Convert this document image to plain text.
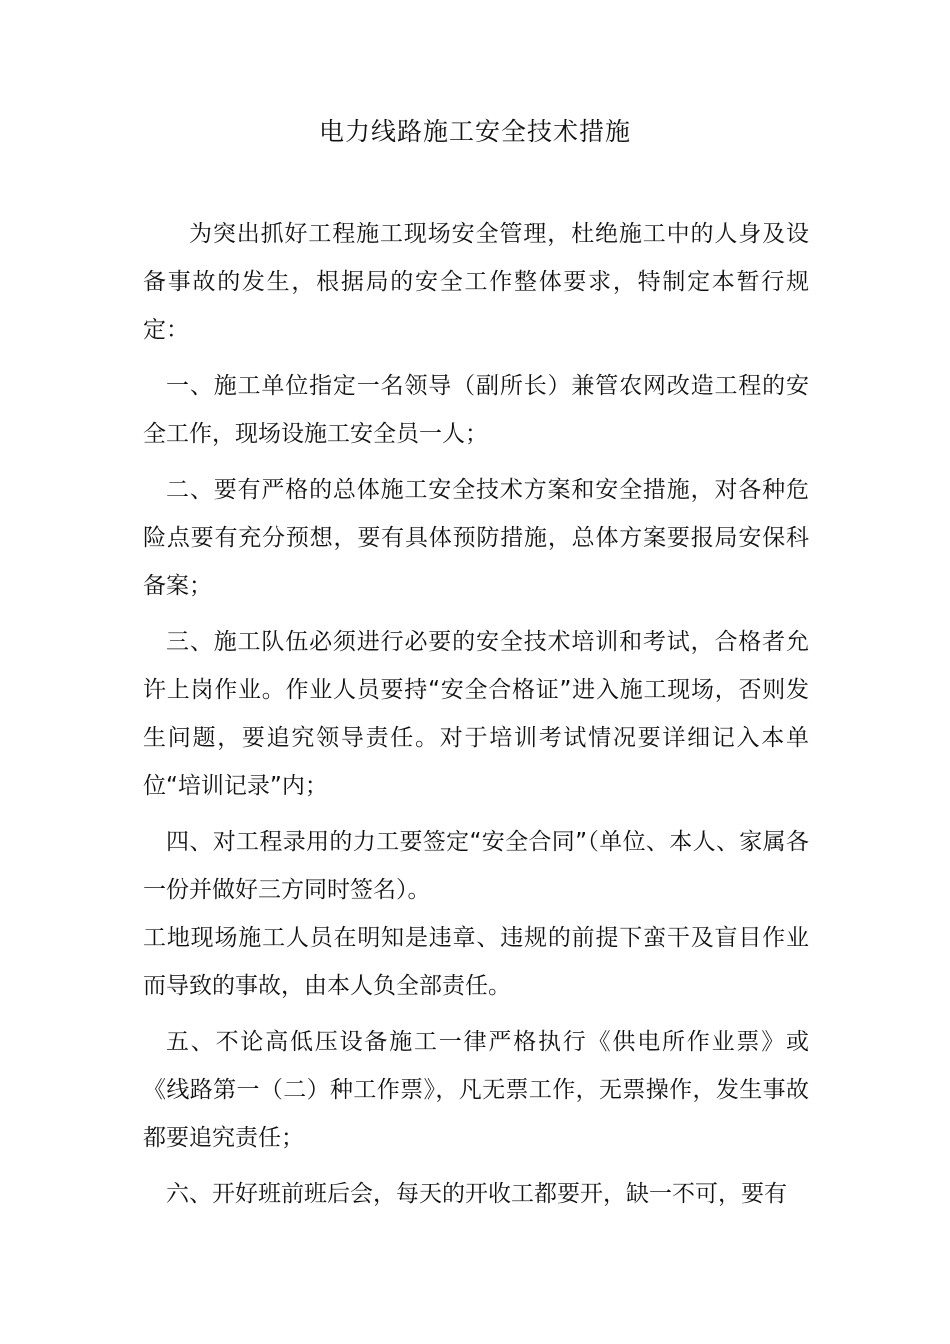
电力线路施工安全技术措施

为突出抓好工程施工现场安全管理，杜绝施工中的人身及设备事故的发生，根据局的安全工作整体要求，特制定本暂行规定：

一、施工单位指定一名领导（副所长）兼管农网改造工程的安全工作，现场设施工安全员一人；

二、要有严格的总体施工安全技术方案和安全措施，对各种危险点要有充分预想，要有具体预防措施，总体方案要报局安保科备案；

三、施工队伍必须进行必要的安全技术培训和考试，合格者允许上岗作业。作业人员要持“安全合格证”进入施工现场，否则发生问题，要追究领导责任。对于培训考试情况要详细记入本单位“培训记录”内；

四、对工程录用的力工要签定“安全合同”（单位、本人、家属各一份并做好三方同时签名）。

工地现场施工人员在明知是违章、违规的前提下蛮干及盲目作业而导致的事故，由本人负全部责任。

五、不论高低压设备施工一律严格执行《供电所作业票》或《线路第一（二）种工作票》，凡无票工作，无票操作，发生事故都要追究责任；

六、开好班前班后会，每天的开收工都要开，缺一不可，要有
